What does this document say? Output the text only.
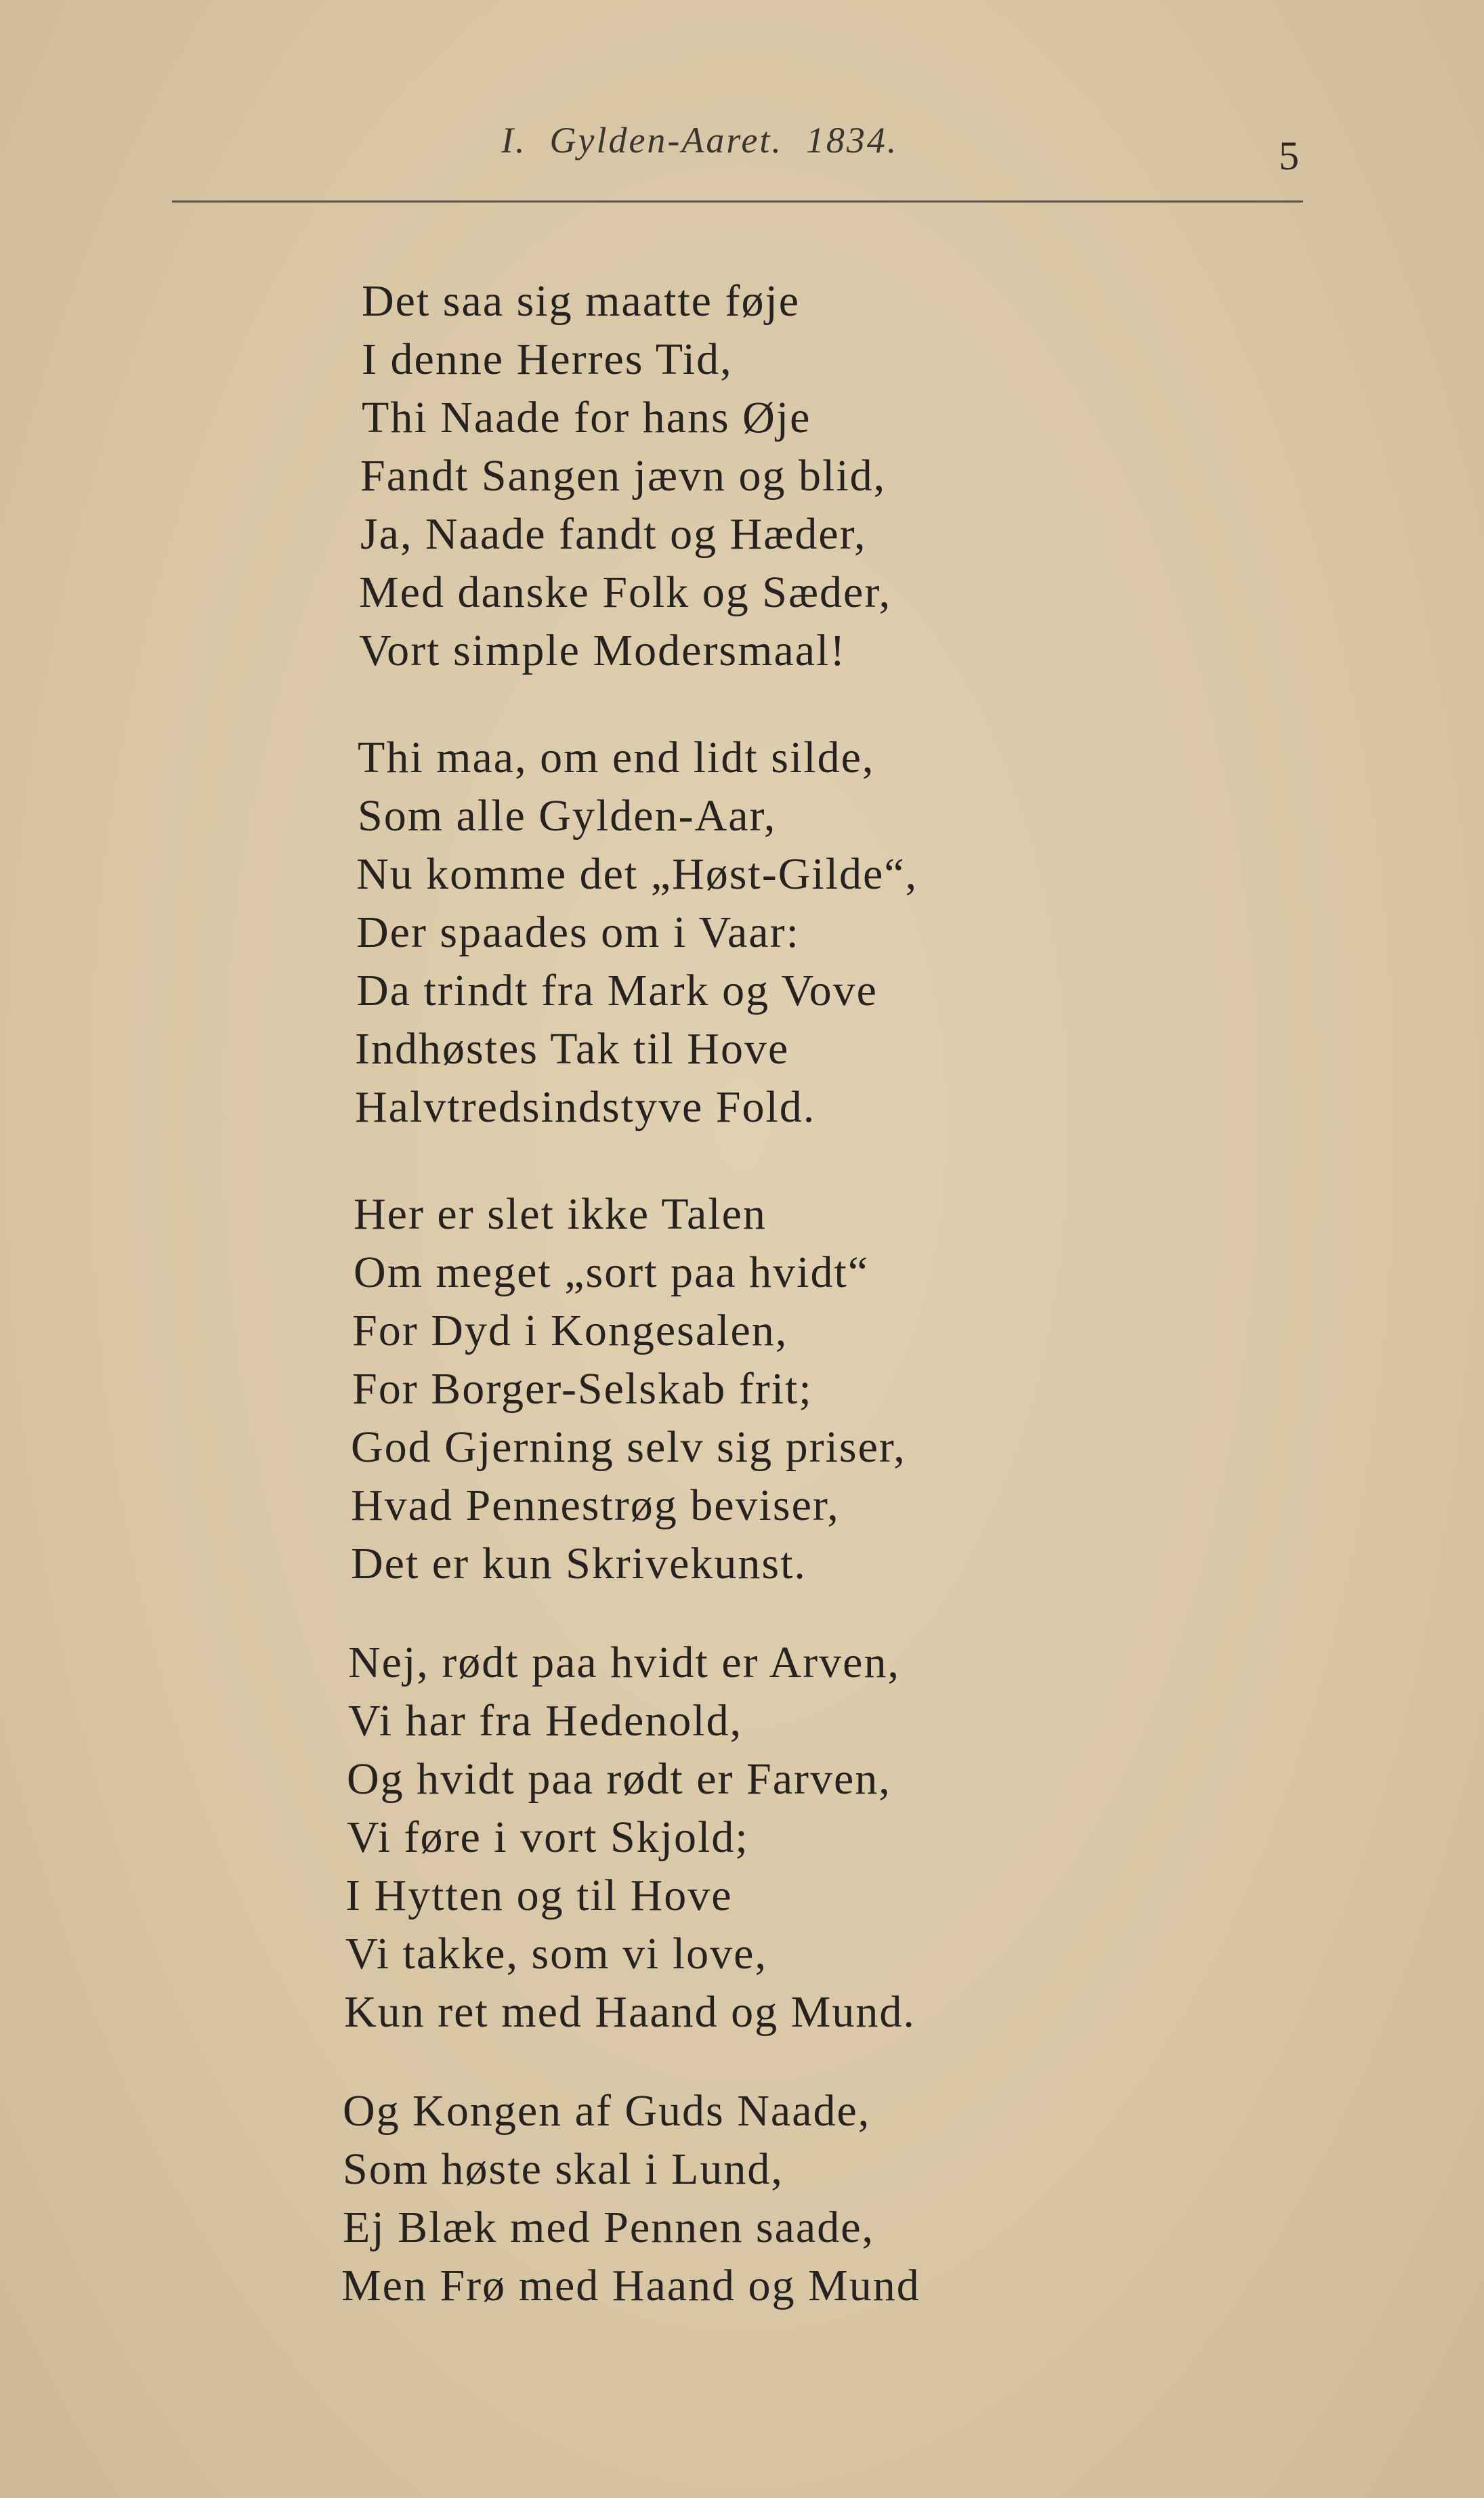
I. Gylden-Aaret. 1834.	5
Det saa sig maatte føje
I denne Herres Tid,
Thi Naade for hans Øje
Fandt Sangen jævn og blid,
Ja, Naade fandt og Hæder,
Med danske Folk og Sæder,
Vort simple Modersmaal!
Thi maa, om end lidt silde,
Som alle Gylden-Aar,
Nu komme det „Høst-Gilde“,
Der spaades om i Vaar:
Da trindt fra Mark og Vove
Indhøstes Tak til Hove
Halvtredsindstyve Fold.
Her er slet ikke Talen
Om meget „sort paa hvidt“
For Dyd i Kongesalen,
For Borger-Selskab frit;
God Gjerning selv sig priser,
Hvad Pennestrøg beviser,
Det er kun Skrivekunst.
Nej, rødt paa hvidt er Arven,
Vi har fra Hedenold,
Og hvidt paa rødt er Farven,
Vi føre i vort Skjold;
I Hytten og til Hove
Vi takke, som vi love,
Kun ret med Haand og Mund.
Og Kongen af Guds Naade,
Som høste skal i Lund,
Ej Blæk med Pennen saade,
Men Frø med Haand og Mund
